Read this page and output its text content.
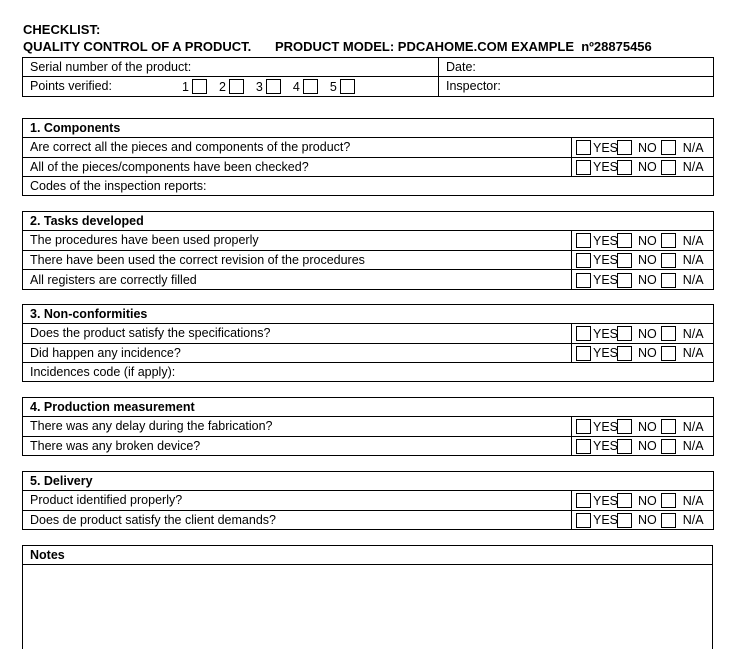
CHECKLIST:
QUALITY CONTROL OF A PRODUCT. PRODUCT MODEL: PDCAHOME.COM EXAMPLE  nº28875456
Serial number of the product:	Date:
Points verified: 1 2 3 4 5	Inspector:
1. Components	
Are correct all the pieces and components of the product?	YES NO N/A
All of the pieces/components have been checked?	YES NO N/A
Codes of the inspection reports:	
2. Tasks developed	
The procedures have been used properly	YES NO N/A
There have been used the correct revision of the procedures	YES NO N/A
All registers are correctly filled	YES NO N/A
3. Non-conformities	
Does the product satisfy the specifications?	YES NO N/A
Did happen any incidence?	YES NO N/A
Incidences code (if apply):	
4. Production measurement	
There was any delay during the fabrication?	YES NO N/A
There was any broken device?	YES NO N/A
5. Delivery	
Product identified properly?	YES NO N/A
Does de product satisfy the client demands?	YES NO N/A
Notes
